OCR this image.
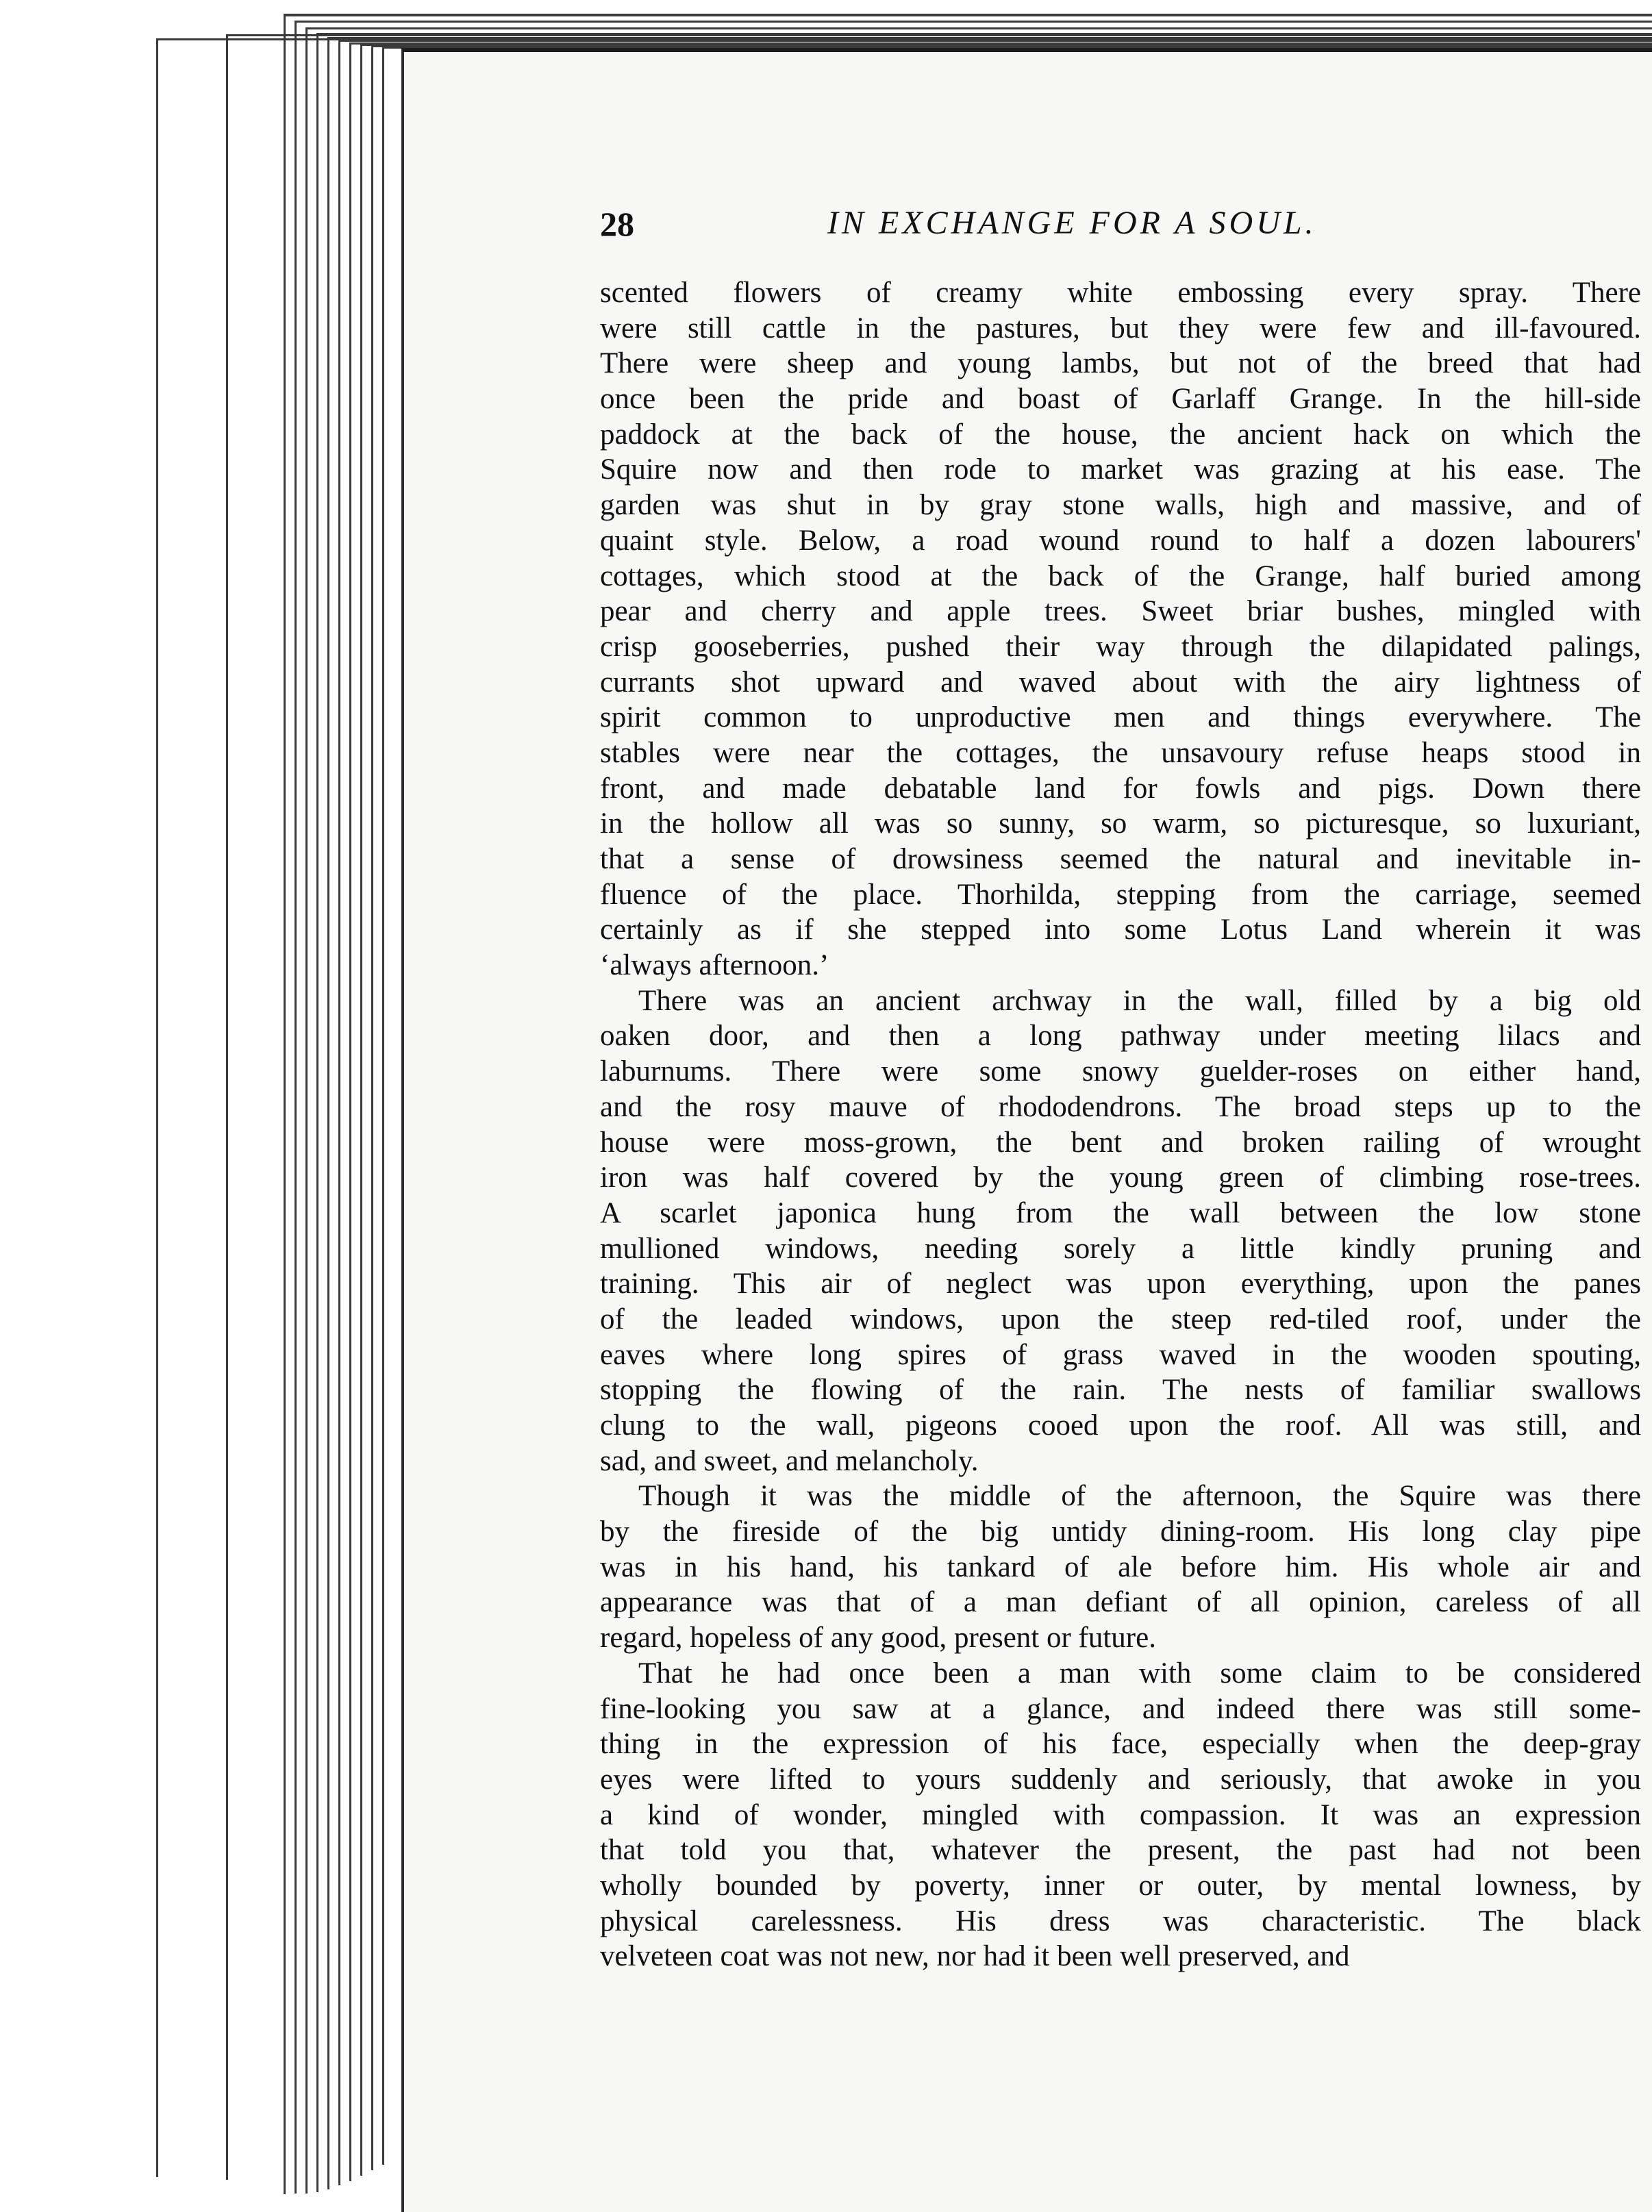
28	IN EXCHANGE FOR A SOUL.
scented flowers of creamy white embossing every spray. There
were still cattle in the pastures, but they were few and ill-favoured.
There were sheep and young lambs, but not of the breed that had
once been the pride and boast of Garlaff Grange. In the hill-side
paddock at the back of the house, the ancient hack on which the
Squire now and then rode to market was grazing at his ease. The
garden was shut in by gray stone walls, high and massive, and of
quaint style. Below, a road wound round to half a dozen labourers'
cottages, which stood at the back of the Grange, half buried among
pear and cherry and apple trees. Sweet briar bushes, mingled with
crisp gooseberries, pushed their way through the dilapidated palings,
currants shot upward and waved about with the airy lightness of
spirit common to unproductive men and things everywhere. The
stables were near the cottages, the unsavoury refuse heaps stood in
front, and made debatable land for fowls and pigs. Down there
in the hollow all was so sunny, so warm, so picturesque, so luxuriant,
that a sense of drowsiness seemed the natural and inevitable in-
fluence of the place. Thorhilda, stepping from the carriage, seemed
certainly as if she stepped into some Lotus Land wherein it was
‘always afternoon.’
There was an ancient archway in the wall, filled by a big old
oaken door, and then a long pathway under meeting lilacs and
laburnums. There were some snowy guelder-roses on either hand,
and the rosy mauve of rhododendrons. The broad steps up to the
house were moss-grown, the bent and broken railing of wrought
iron was half covered by the young green of climbing rose-trees.
A scarlet japonica hung from the wall between the low stone
mullioned windows, needing sorely a little kindly pruning and
training. This air of neglect was upon everything, upon the panes
of the leaded windows, upon the steep red-tiled roof, under the
eaves where long spires of grass waved in the wooden spouting,
stopping the flowing of the rain. The nests of familiar swallows
clung to the wall, pigeons cooed upon the roof. All was still, and
sad, and sweet, and melancholy.
Though it was the middle of the afternoon, the Squire was there
by the fireside of the big untidy dining-room. His long clay pipe
was in his hand, his tankard of ale before him. His whole air and
appearance was that of a man defiant of all opinion, careless of all
regard, hopeless of any good, present or future.
That he had once been a man with some claim to be considered
fine-looking you saw at a glance, and indeed there was still some-
thing in the expression of his face, especially when the deep-gray
eyes were lifted to yours suddenly and seriously, that awoke in you
a kind of wonder, mingled with compassion. It was an expression
that told you that, whatever the present, the past had not been
wholly bounded by poverty, inner or outer, by mental lowness, by
physical carelessness. His dress was characteristic. The black
velveteen coat was not new, nor had it been well preserved, and
